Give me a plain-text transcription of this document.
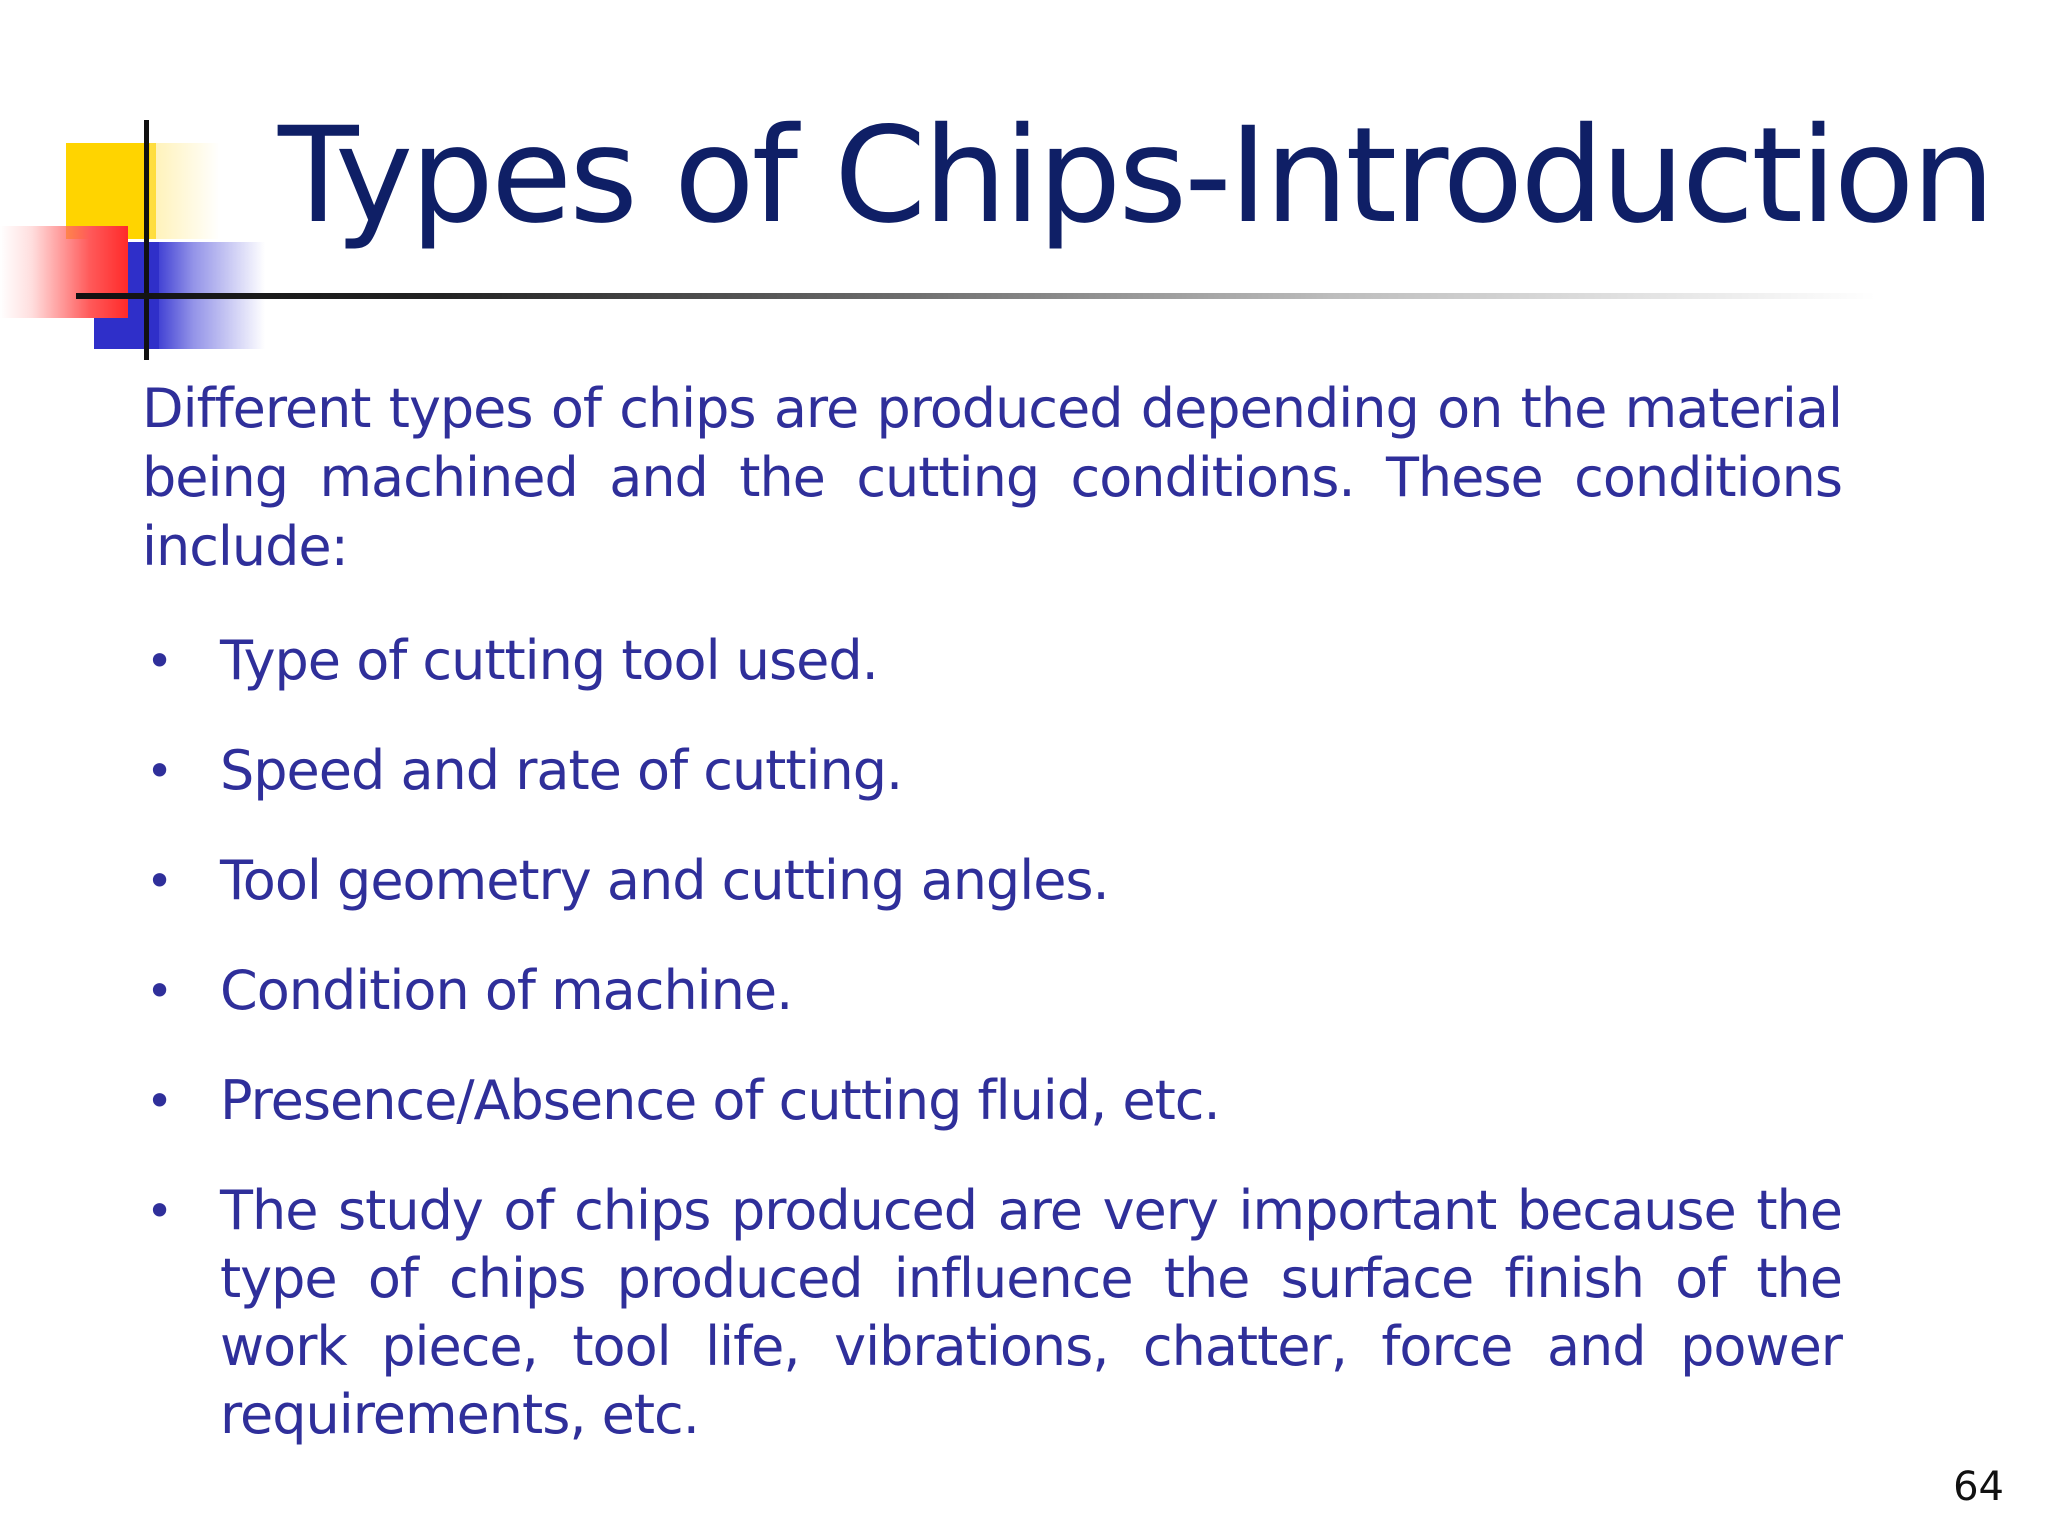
Types of Chips-Introduction

Different types of chips are produced depending on the material being machined and the cutting conditions. These conditions include:

• Type of cutting tool used.
• Speed and rate of cutting.
• Tool geometry and cutting angles.
• Condition of machine.
• Presence/Absence of cutting fluid, etc.
• The study of chips produced are very important because the type of chips produced influence the surface finish of the work piece, tool life, vibrations, chatter, force and power requirements, etc.
64
